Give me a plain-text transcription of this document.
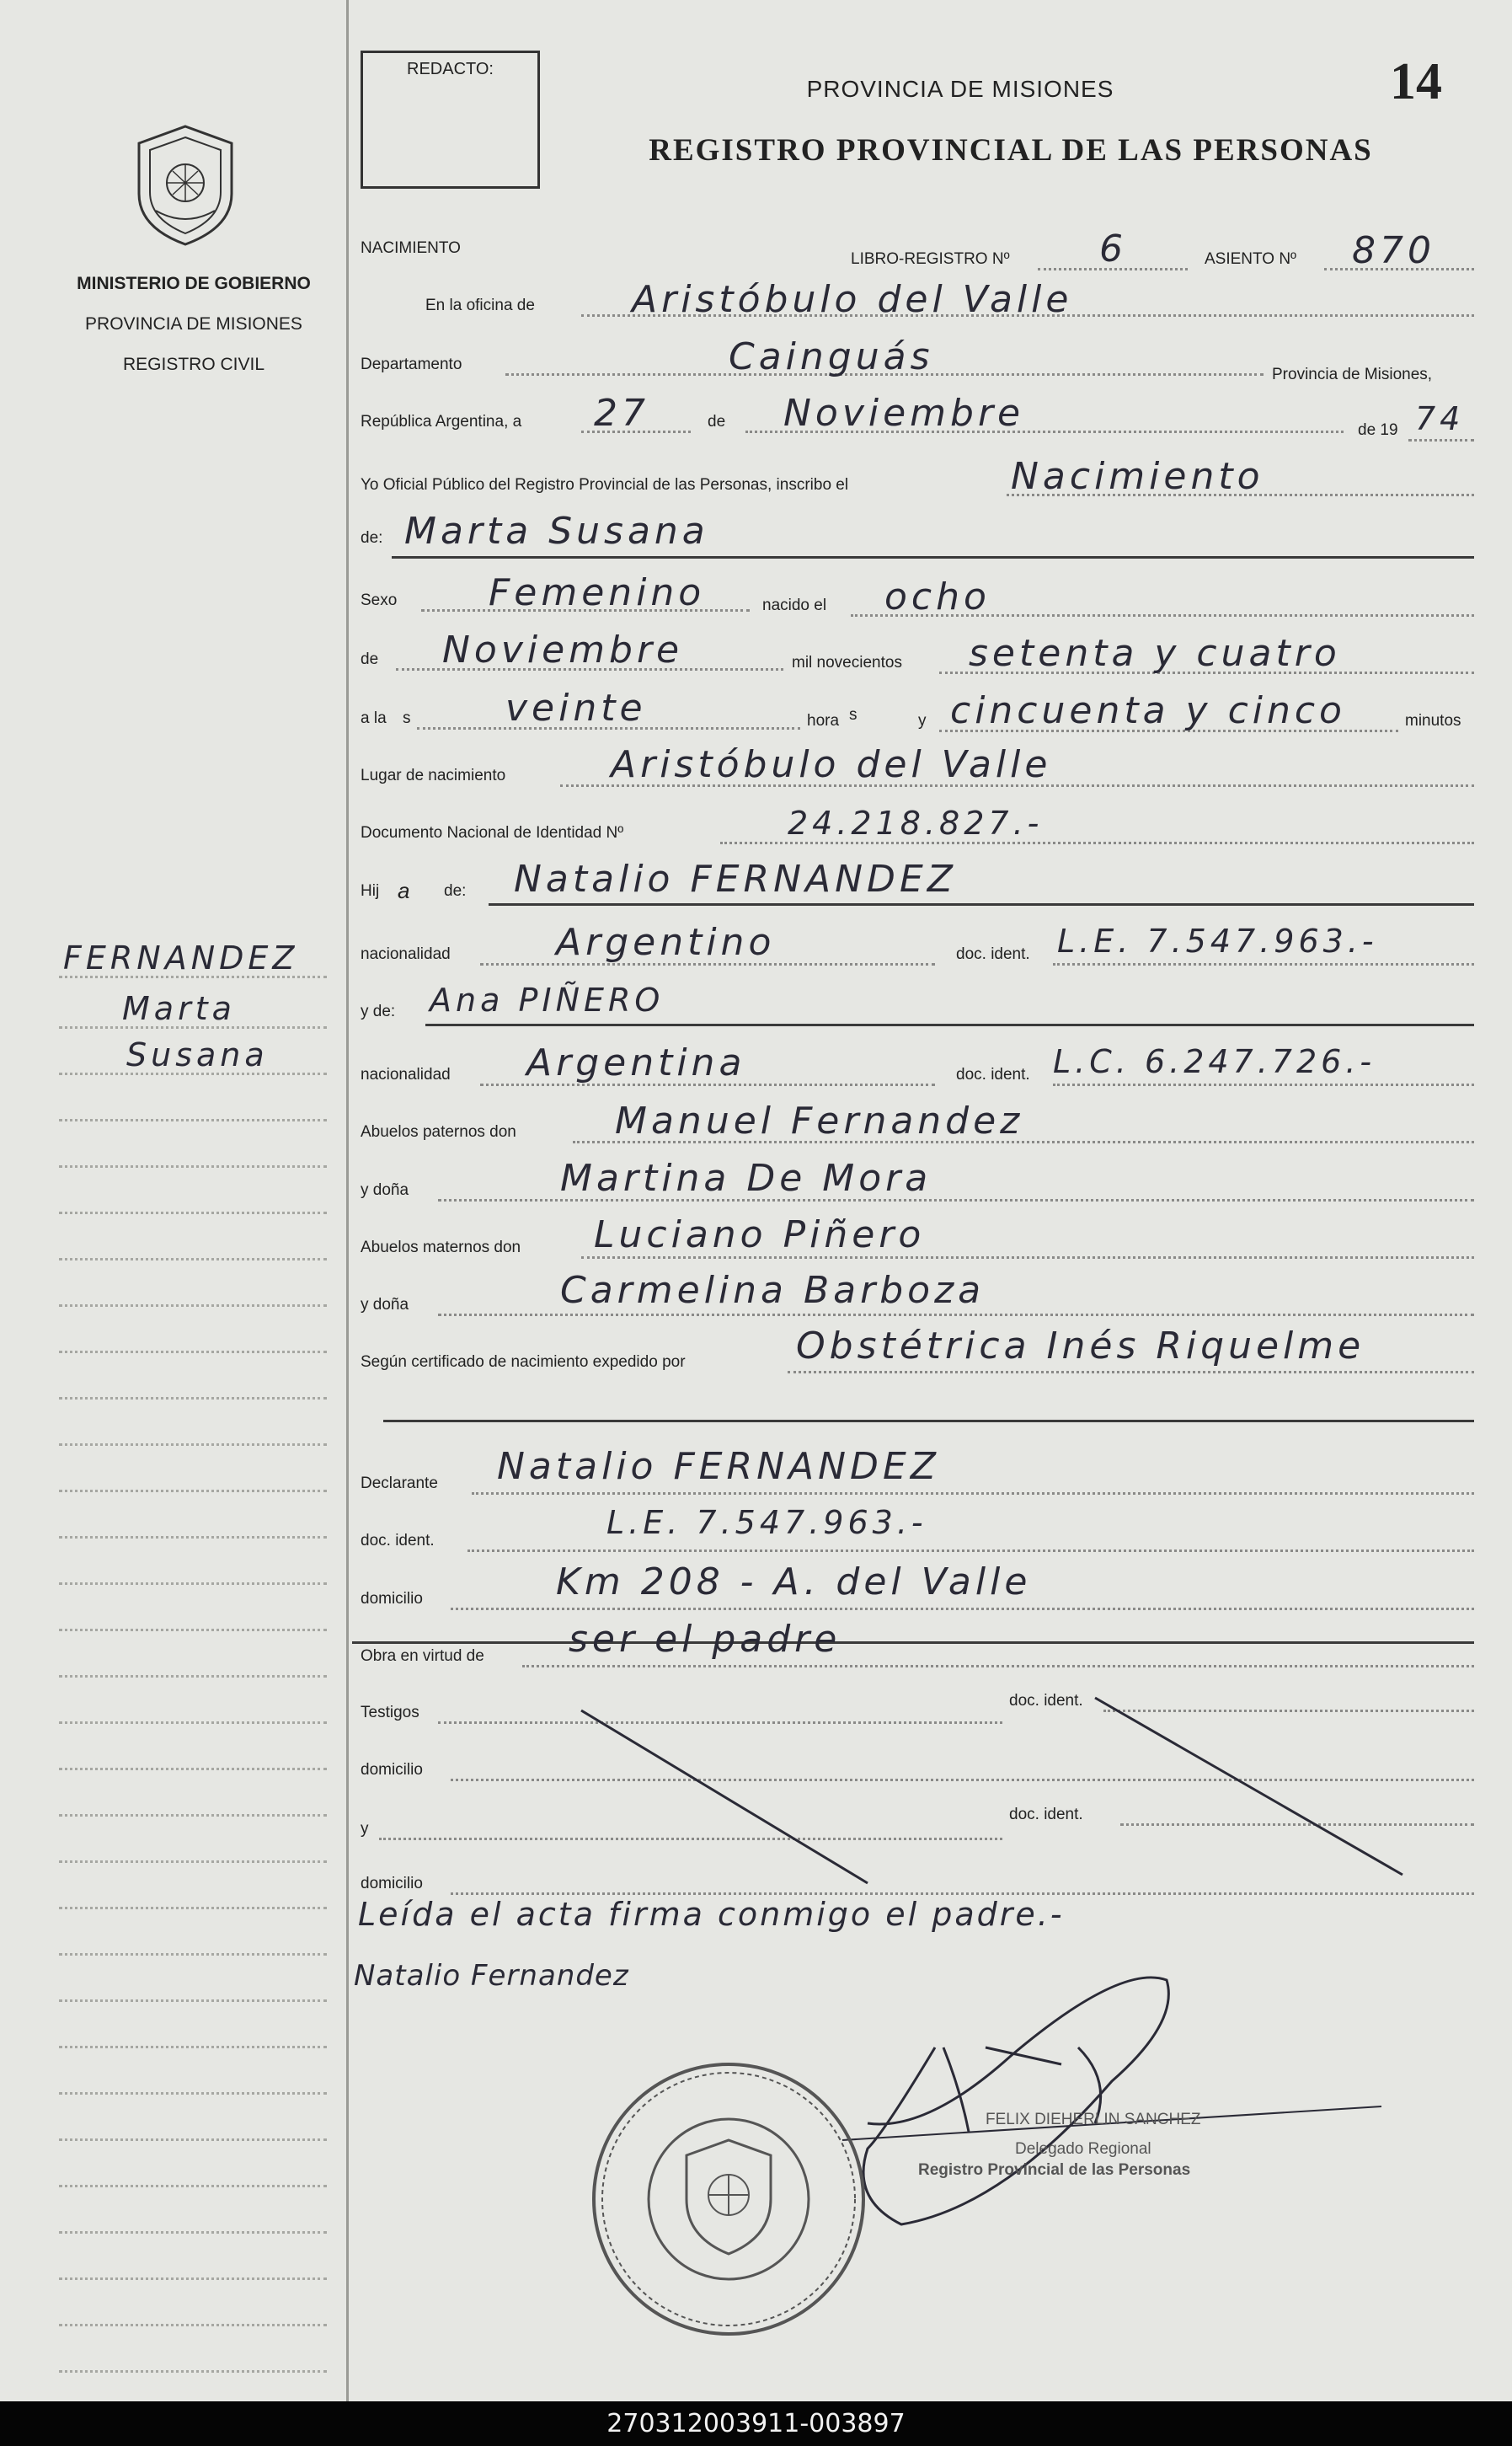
MINISTERIO DE GOBIERNO
PROVINCIA DE MISIONES
REGISTRO CIVIL
FERNANDEZ
Marta
Susana
REDACTO:
PROVINCIA DE MISIONES
REGISTRO PROVINCIAL DE LAS PERSONAS
14
NACIMIENTO
LIBRO-REGISTRO Nº 6	ASIENTO Nº 870
En la oficina de	Aristóbulo del Valle
Departamento	Cainguás	Provincia de Misiones,
República Argentina, a 27	de Noviembre	de 19 74
Yo Oficial Público del Registro Provincial de las Personas, inscribo el	Nacimiento
de: Marta Susana
Sexo Femenino	nacido el ocho
de Noviembre	mil novecientos setenta y cuatro
a la s	veinte	hora s	y cincuenta y cinco	minutos
Lugar de nacimiento	Aristóbulo del Valle
Documento Nacional de Identidad Nº	24.218.827.-
Hij a de: Natalio FERNANDEZ
nacionalidad	Argentino	doc. ident. L.E. 7.547.963.-
y de: Ana PIÑERO
nacionalidad Argentina	doc. ident. L.C. 6.247.726.-
Abuelos paternos don	Manuel Fernandez
y doña	Martina De Mora
Abuelos maternos don Luciano Piñero
y doña	Carmelina Barboza
Según certificado de nacimiento expedido por	Obstétrica Inés Riquelme
Declarante Natalio FERNANDEZ
doc. ident.	L.E. 7.547.963.-
domicilio	Km 208 - A. del Valle
Obra en virtud de ser el padre
Testigos
doc. ident.
domicilio
y
doc. ident.
domicilio
Leída el acta firma conmigo el padre.-
Natalio Fernandez
FELIX DIEHERLIN SANCHEZ
Delegado Regional
Registro Provincial de las Personas
270312003911-003897
